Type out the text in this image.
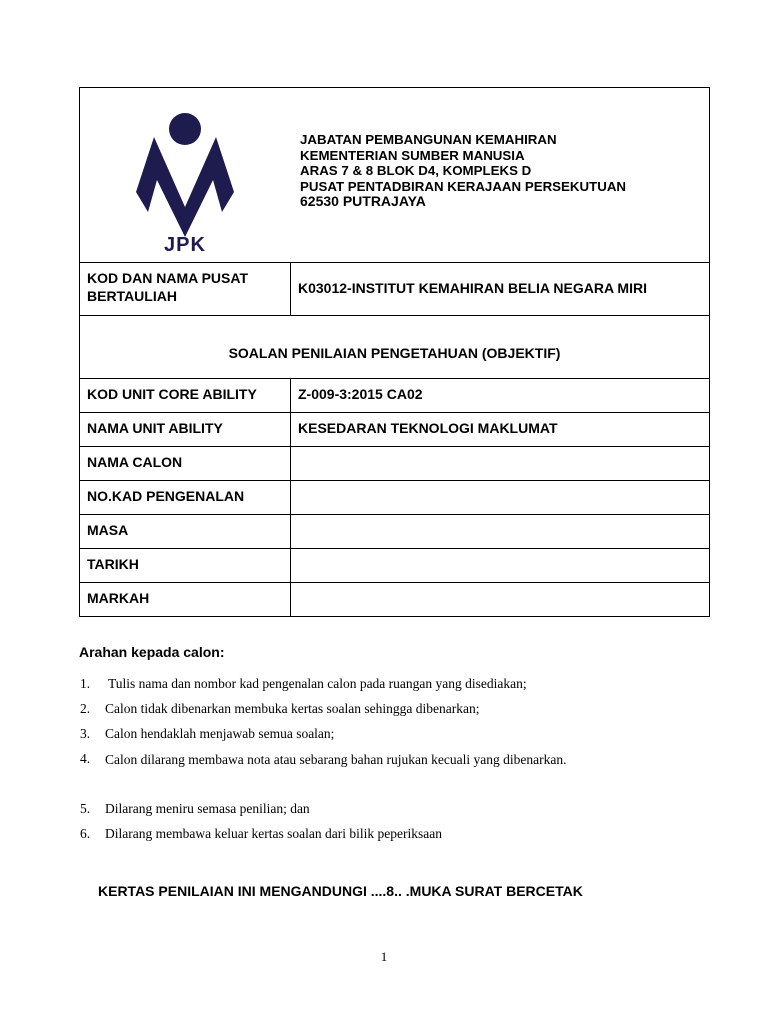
JPK
JABATAN PEMBANGUNAN KEMAHIRAN
KEMENTERIAN SUMBER MANUSIA
ARAS 7 & 8 BLOK D4, KOMPLEKS D
PUSAT PENTADBIRAN KERAJAAN PERSEKUTUAN
62530 PUTRAJAYA
KOD DAN NAMA PUSAT BERTAULIAH	K03012-INSTITUT KEMAHIRAN BELIA NEGARA MIRI
SOALAN PENILAIAN PENGETAHUAN (OBJEKTIF)
KOD UNIT CORE ABILITY	Z-009-3:2015 CA02
NAMA UNIT ABILITY	KESEDARAN TEKNOLOGI MAKLUMAT
NAMA CALON
NO.KAD PENGENALAN
MASA
TARIKH
MARKAH
Arahan kepada calon:
1. Tulis nama dan nombor kad pengenalan calon pada ruangan yang disediakan;
2. Calon tidak dibenarkan membuka kertas soalan sehingga dibenarkan;
3. Calon hendaklah menjawab semua soalan;
4. Calon dilarang membawa nota atau sebarang bahan rujukan kecuali yang dibenarkan.
5. Dilarang meniru semasa penilian; dan
6. Dilarang membawa keluar kertas soalan dari bilik peperiksaan
KERTAS PENILAIAN INI MENGANDUNGI ....8.. .MUKA SURAT BERCETAK
1
